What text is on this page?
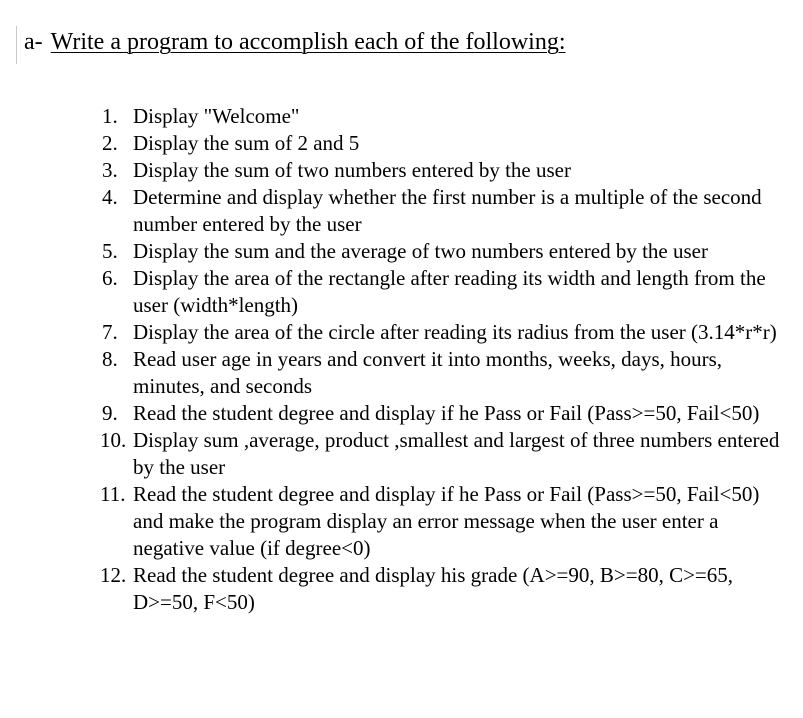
a- Write a program to accomplish each of the following:
1. Display "Welcome"
2. Display the sum of 2 and 5
3. Display the sum of two numbers entered by the user
4. Determine and display whether the first number is a multiple of the second number entered by the user
5. Display the sum and the average of two numbers entered by the user
6. Display the area of the rectangle after reading its width and length from the user (width*length)
7. Display the area of the circle after reading its radius from the user (3.14*r*r)
8. Read user age in years and convert it into months, weeks, days, hours, minutes, and seconds
9. Read the student degree and display if he Pass or Fail (Pass>=50, Fail<50)
10. Display sum ,average, product ,smallest and largest of three numbers entered by the user
11. Read the student degree and display if he Pass or Fail (Pass>=50, Fail<50) and make the program display an error message when the user enter a negative value (if degree<0)
12. Read the student degree and display his grade (A>=90, B>=80, C>=65, D>=50, F<50)
